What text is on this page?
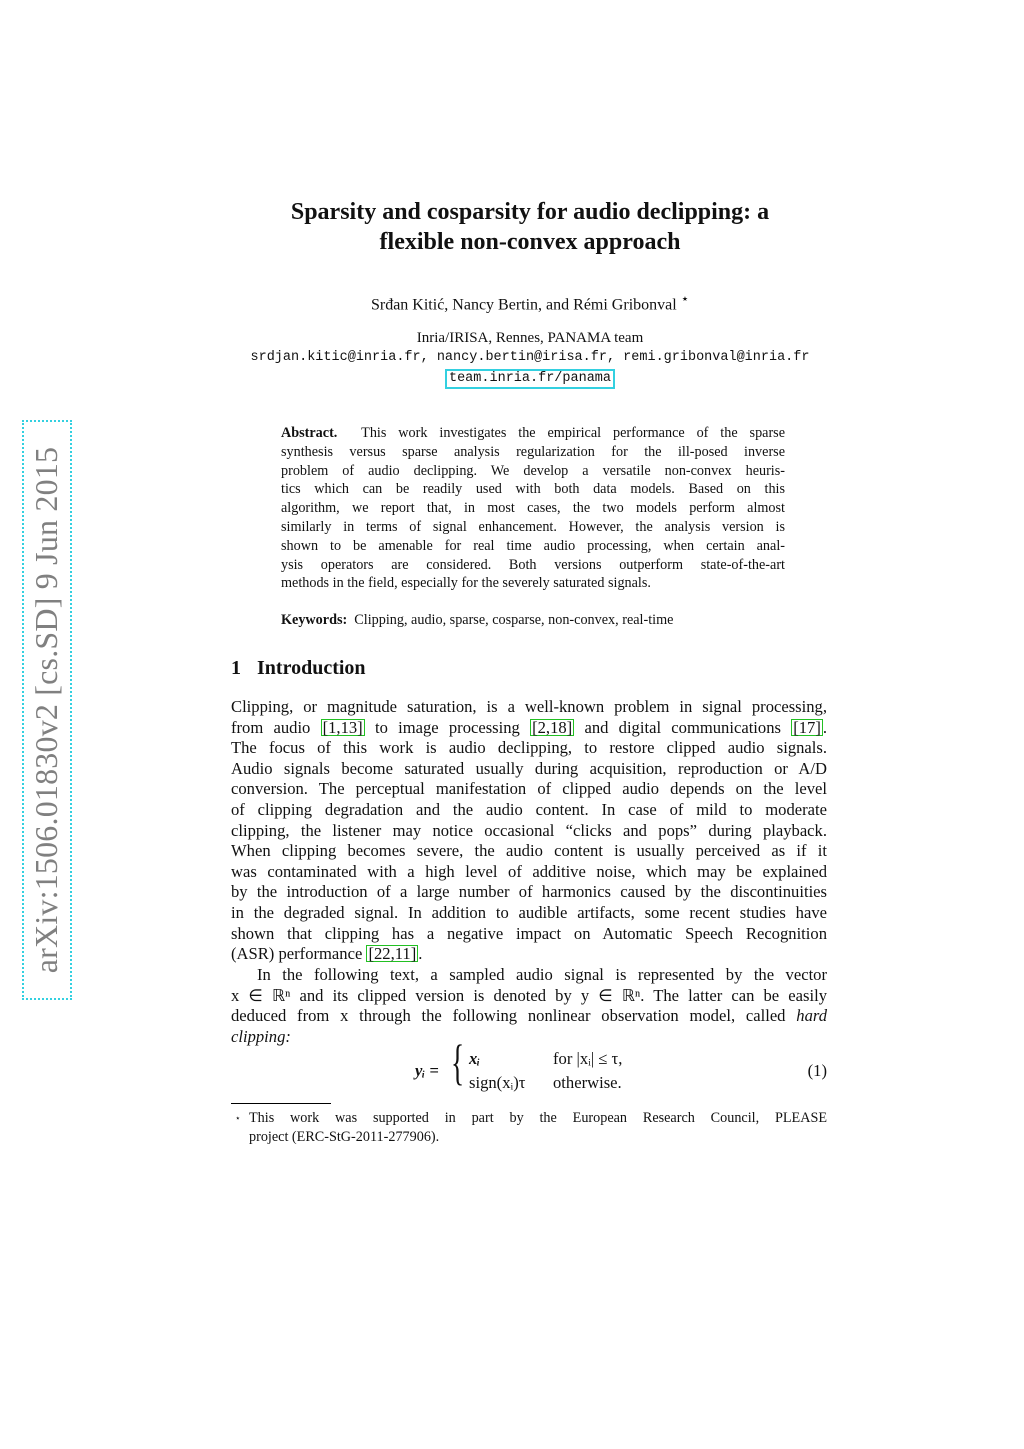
arXiv:1506.01830v2 [cs.SD] 9 Jun 2015
Sparsity and cosparsity for audio declipping: a
flexible non-convex approach
Srđan Kitić, Nancy Bertin, and Rémi Gribonval ⋆
Inria/IRISA, Rennes, PANAMA team
srdjan.kitic@inria.fr, nancy.bertin@irisa.fr, remi.gribonval@inria.fr
team.inria.fr/panama
Abstract. This work investigates the empirical performance of the sparse
synthesis versus sparse analysis regularization for the ill-posed inverse
problem of audio declipping. We develop a versatile non-convex heuris-
tics which can be readily used with both data models. Based on this
algorithm, we report that, in most cases, the two models perform almost
similarly in terms of signal enhancement. However, the analysis version is
shown to be amenable for real time audio processing, when certain anal-
ysis operators are considered. Both versions outperform state-of-the-art
methods in the field, especially for the severely saturated signals.
Keywords: Clipping, audio, sparse, cosparse, non-convex, real-time
1 Introduction
Clipping, or magnitude saturation, is a well-known problem in signal processing,
from audio [1,13] to image processing [2,18] and digital communications [17] .
The focus of this work is audio declipping, to restore clipped audio signals.
Audio signals become saturated usually during acquisition, reproduction or A/D
conversion. The perceptual manifestation of clipped audio depends on the level
of clipping degradation and the audio content. In case of mild to moderate
clipping, the listener may notice occasional “clicks and pops” during playback.
When clipping becomes severe, the audio content is usually perceived as if it
was contaminated with a high level of additive noise, which may be explained
by the introduction of a large number of harmonics caused by the discontinuities
in the degraded signal. In addition to audible artifacts, some recent studies have
shown that clipping has a negative impact on Automatic Speech Recognition
(ASR) performance [22,11] .
In the following text, a sampled audio signal is represented by the vector
x ∈ ℝⁿ and its clipped version is denoted by y ∈ ℝⁿ. The latter can be easily
deduced from x through the following nonlinear observation model, called hard
clipping:
yᵢ = { xᵢ	for |xᵢ| ≤ τ,
sign(xᵢ)τ otherwise.
(1)
⋆ This work was supported in part by the European Research Council, PLEASE
project (ERC-StG-2011-277906).
